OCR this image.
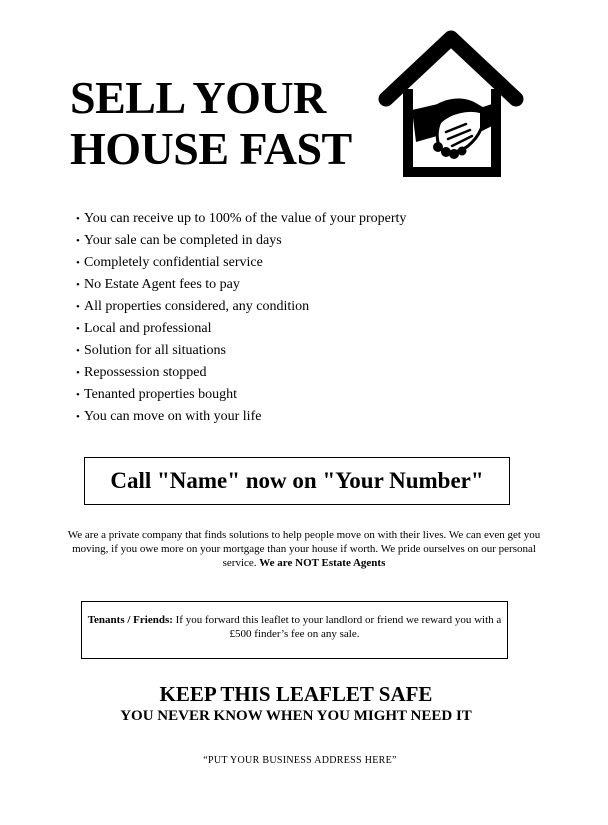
SELL YOUR
HOUSE FAST
• You can receive up to 100% of the value of your property
• Your sale can be completed in days
• Completely confidential service
• No Estate Agent fees to pay
• All properties considered, any condition
• Local and professional
• Solution for all situations
• Repossession stopped
• Tenanted properties bought
• You can move on with your life
Call "Name" now on "Your Number"

We are a private company that finds solutions to help people move on with their lives. We can even get you moving, if you owe more on your mortgage than your house if worth. We pride ourselves on our personal service. We are NOT Estate Agents

Tenants / Friends: If you forward this leaflet to your landlord or friend we reward you with a £500 finder’s fee on any sale.

KEEP THIS LEAFLET SAFE

YOU NEVER KNOW WHEN YOU MIGHT NEED IT

“PUT YOUR BUSINESS ADDRESS HERE”
